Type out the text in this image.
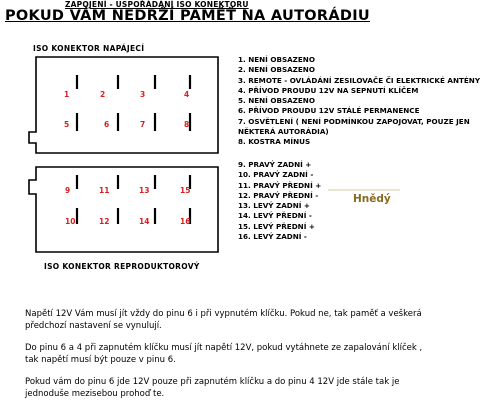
ZAPOJENÍ - USPOŘÁDÁNÍ ISO KONEKTORU
POKUD VÁM NEDRŽÍ PAMĚŤ NA AUTORÁDIU
ISO KONEKTOR NAPÁJECÍ
ISO KONEKTOR REPRODUKTOROVÝ
1	2	3	4
5	6	7	8
9	11	13	15
10	12	14	16
1. NENÍ OBSAZENO
2. NENÍ OBSAZENO
3. REMOTE - OVLÁDÁNÍ ZESILOVAČE ČI ELEKTRICKÉ ANTÉNY
4. PŘÍVOD PROUDU 12V NA SEPNUTÍ KLÍČEM
5. NENÍ OBSAZENO
6. PŘÍVOD PROUDU 12V STÁLÉ PERMANENCE
7. OSVĚTLENÍ ( NENÍ PODMÍNKOU ZAPOJOVAT, POUZE JEN
NĚKTERÁ AUTORÁDIA)
8. KOSTRA MÍNUS
9. PRAVÝ ZADNÍ +
10. PRAVÝ ZADNÍ -
11. PRAVÝ PŘEDNÍ +
12. PRAVÝ PŘEDNÍ -
13. LEVÝ ZADNÍ +
14. LEVÝ PŘEDNÍ -
15. LEVÝ PŘEDNÍ +
16. LEVÝ ZADNÍ -
Hnědý
Napětí 12V Vám musí jít vždy do pinu 6 i při vypnutém klíčku. Pokud ne, tak paměť a veškerá
předchozí nastavení se vynulují.
Do pinu 6 a 4 při zapnutém klíčku musí jít napětí 12V, pokud vytáhnete ze zapalování klíček ,
tak napětí musí být pouze v pinu 6.
Pokud vám do pinu 6 jde 12V pouze při zapnutém klíčku a do pinu 4 12V jde stále tak je
jednoduše mezisebou prohoď te.
